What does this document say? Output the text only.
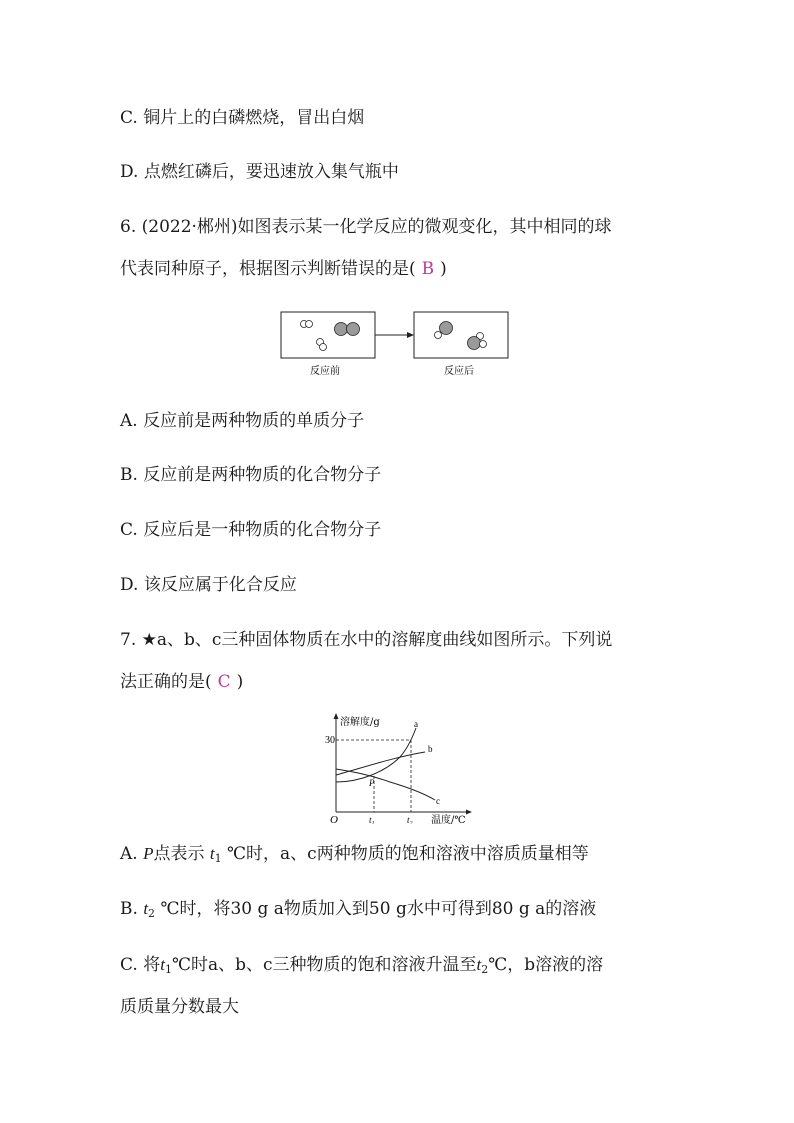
C. 铜片上的白磷燃烧，冒出白烟
D. 点燃红磷后，要迅速放入集气瓶中
6. (2022·郴州)如图表示某一化学反应的微观变化，其中相同的球
代表同种原子，根据图示判断错误的是( B )
反应前	反应后
A. 反应前是两种物质的单质分子
B. 反应前是两种物质的化合物分子
C. 反应后是一种物质的化合物分子
D. 该反应属于化合反应
7. ★a、b、c三种固体物质在水中的溶解度曲线如图所示。下列说
法正确的是( C )
溶解度/g
30
O	温度/℃
a
b
c
P
$t_1$	$t_2$
A. P点表示 $t_1$ ℃时，a、c两种物质的饱和溶液中溶质质量相等
B. $t_2$ ℃时，将30 g a物质加入到50 g水中可得到80 g a的溶液
C. 将$t_1℃$时a、b、c三种物质的饱和溶液升温至$t_2℃$，b溶液的溶
质质量分数最大
